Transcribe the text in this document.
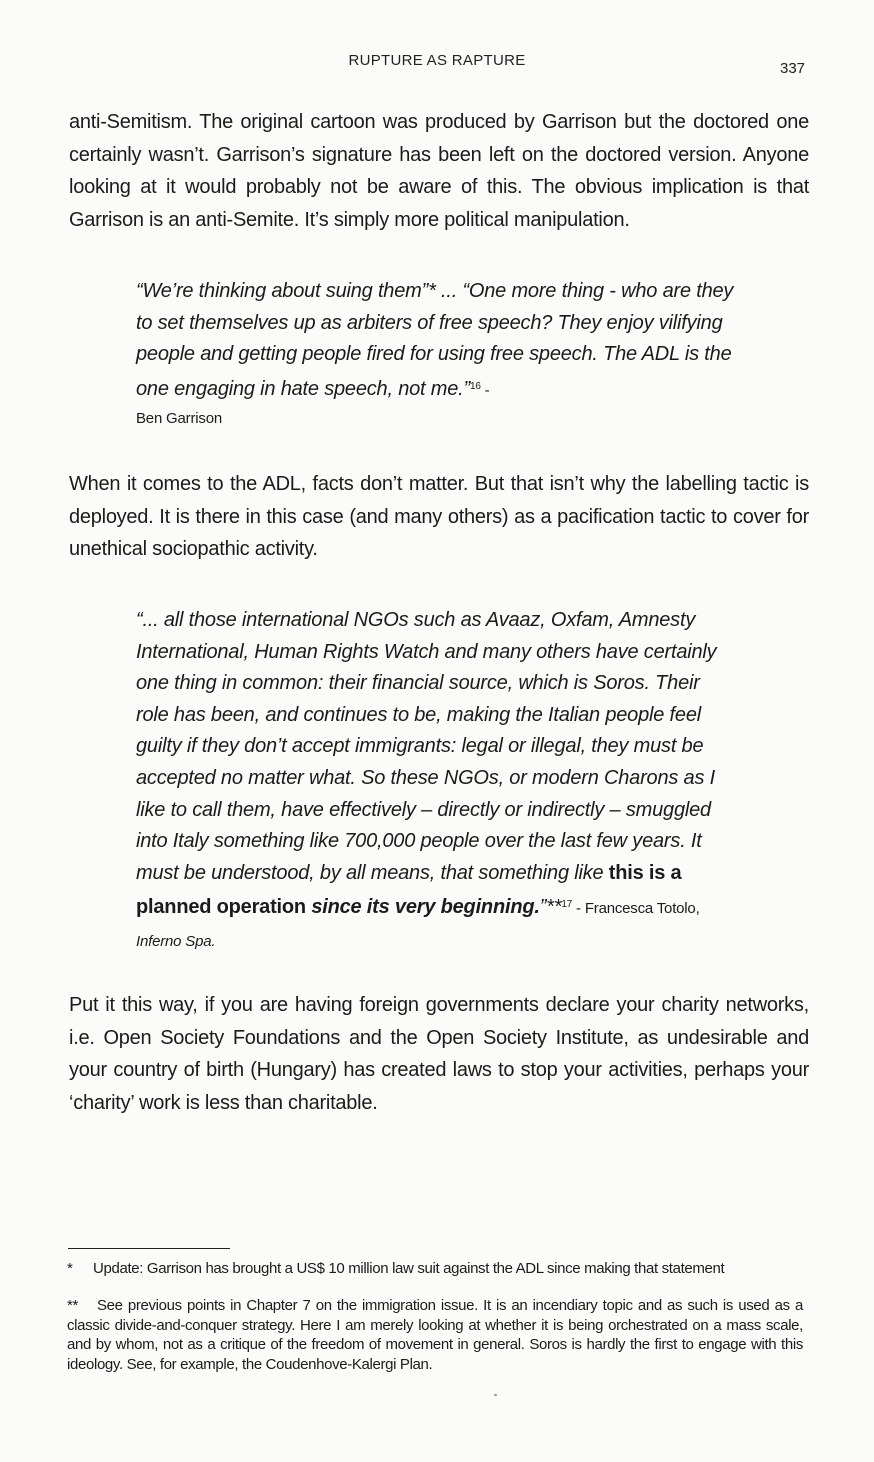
RUPTURE AS RAPTURE	337

anti-Semitism. The original cartoon was produced by Garrison but the doctored one certainly wasn’t. Garrison’s signature has been left on the doctored version. Anyone looking at it would probably not be aware of this. The obvious implication is that Garrison is an anti-Semite. It’s simply more political manipulation.

“We’re thinking about suing them”* ... “One more thing - who are they to set themselves up as arbiters of free speech? They enjoy vilifying people and getting people fired for using free speech. The ADL is the one engaging in hate speech, not me.”$^{16}$ -
Ben Garrison

When it comes to the ADL, facts don’t matter. But that isn’t why the labelling tactic is deployed. It is there in this case (and many others) as a pacification tactic to cover for unethical sociopathic activity.

“... all those international NGOs such as Avaaz, Oxfam, Amnesty International, Human Rights Watch and many others have certainly one thing in common: their financial source, which is Soros. Their role has been, and continues to be, making the Italian people feel guilty if they don’t accept immigrants: legal or illegal, they must be accepted no matter what. So these NGOs, or modern Charons as I like to call them, have effectively – directly or indirectly – smuggled into Italy something like 700,000 people over the last few years. It must be understood, by all means, that something like this is a planned operation since its very beginning.”**$^{17}$ - Francesca Totolo, Inferno Spa.

Put it this way, if you are having foreign governments declare your charity networks, i.e. Open Society Foundations and the Open Society Institute, as undesirable and your country of birth (Hungary) has created laws to stop your activities, perhaps your ‘charity’ work is less than charitable.

* Update: Garrison has brought a US$ 10 million law suit against the ADL since making that statement

** See previous points in Chapter 7 on the immigration issue. It is an incendiary topic and as such is used as a classic divide-and-conquer strategy. Here I am merely looking at whether it is being orchestrated on a mass scale, and by whom, not as a critique of the freedom of movement in general. Soros is hardly the first to engage with this ideology. See, for example, the Coudenhove-Kalergi Plan.
